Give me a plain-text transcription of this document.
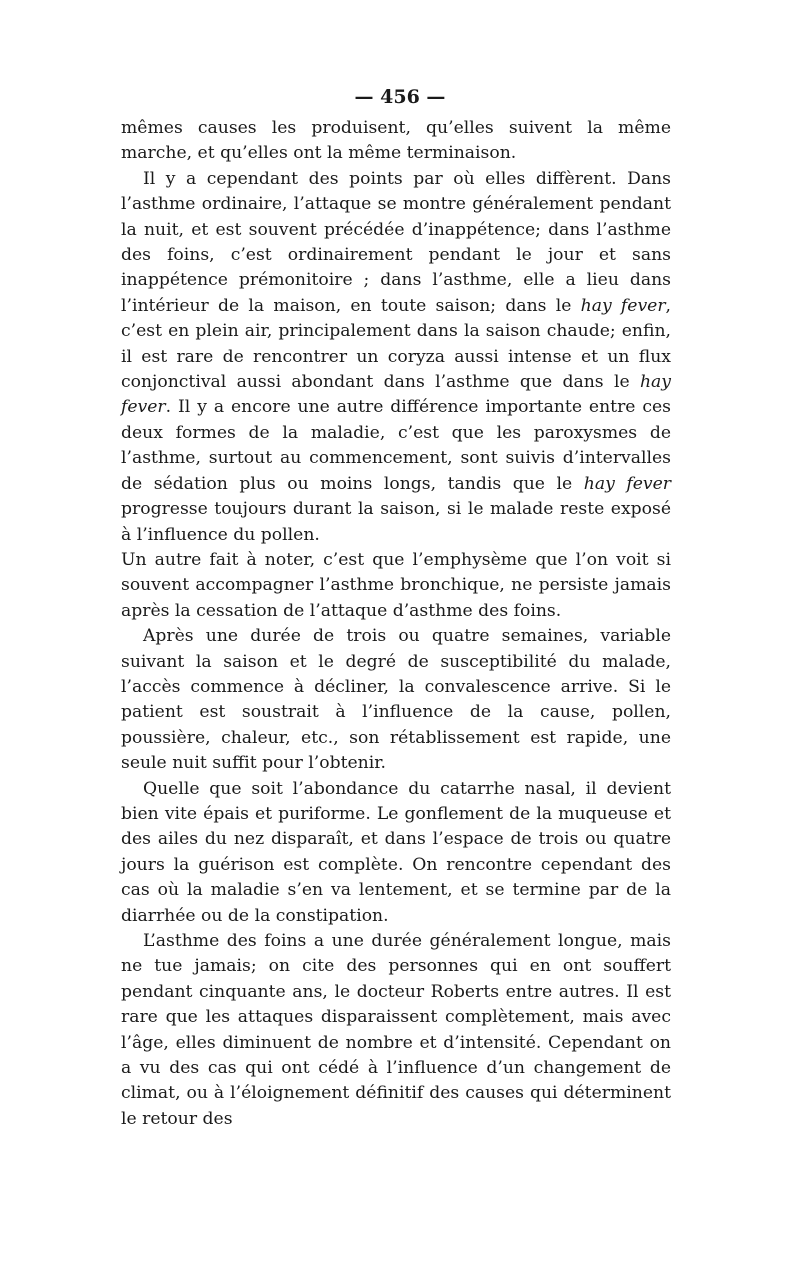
— 456 —

mêmes causes les produisent, qu’elles suivent la même marche, et qu’elles ont la même terminaison.

Il y a cependant des points par où elles diffèrent. Dans l’asthme ordinaire, l’attaque se montre généralement pendant la nuit, et est souvent précédée d’inappétence; dans l’asthme des foins, c’est ordinairement pendant le jour et sans inappétence prémonitoire ; dans l’asthme, elle a lieu dans l’intérieur de la maison, en toute saison; dans le hay fever, c’est en plein air, principalement dans la saison chaude; enfin, il est rare de rencontrer un coryza aussi intense et un flux conjonctival aussi abondant dans l’asthme que dans le hay fever. Il y a encore une autre différence importante entre ces deux formes de la maladie, c’est que les paroxysmes de l’asthme, surtout au commencement, sont suivis d’intervalles de sédation plus ou moins longs, tandis que le hay fever progresse toujours durant la saison, si le malade reste exposé à l’influence du pollen.

Un autre fait à noter, c’est que l’emphysème que l’on voit si souvent accompagner l’asthme bronchique, ne persiste jamais après la cessation de l’attaque d’asthme des foins.

Après une durée de trois ou quatre semaines, variable suivant la saison et le degré de susceptibilité du malade, l’accès commence à décliner, la convalescence arrive. Si le patient est soustrait à l’influence de la cause, pollen, poussière, chaleur, etc., son rétablissement est rapide, une seule nuit suffit pour l’obtenir.

Quelle que soit l’abondance du catarrhe nasal, il devient bien vite épais et puriforme. Le gonflement de la muqueuse et des ailes du nez disparaît, et dans l’espace de trois ou quatre jours la guérison est complète. On rencontre cependant des cas où la maladie s’en va lentement, et se termine par de la diarrhée ou de la constipation.

L’asthme des foins a une durée généralement longue, mais ne tue jamais; on cite des personnes qui en ont souffert pendant cinquante ans, le docteur Roberts entre autres. Il est rare que les attaques disparaissent complètement, mais avec l’âge, elles diminuent de nombre et d’intensité. Cependant on a vu des cas qui ont cédé à l’influence d’un changement de climat, ou à l’éloignement définitif des causes qui déterminent le retour des
